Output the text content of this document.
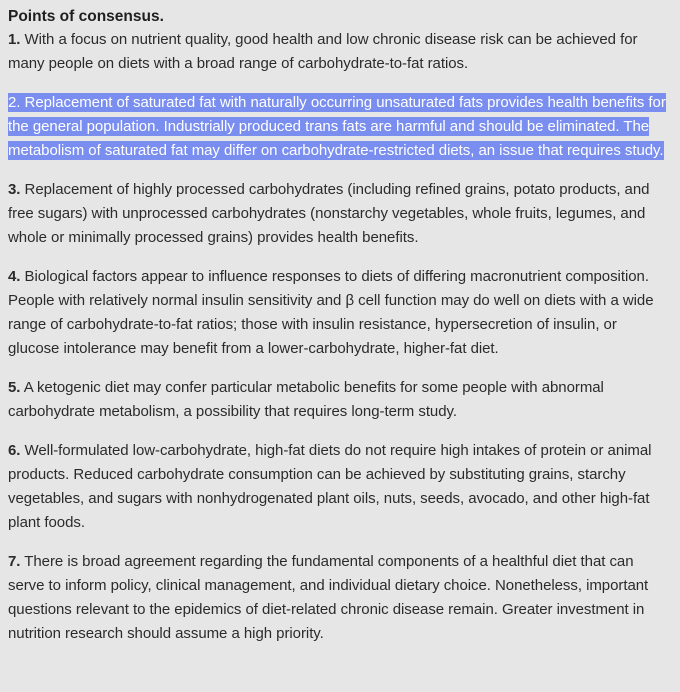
Points of consensus.

1. With a focus on nutrient quality, good health and low chronic disease risk can be achieved for many people on diets with a broad range of carbohydrate-to-fat ratios.

2. Replacement of saturated fat with naturally occurring unsaturated fats provides health benefits for the general population. Industrially produced trans fats are harmful and should be eliminated. The metabolism of saturated fat may differ on carbohydrate-restricted diets, an issue that requires study.

3. Replacement of highly processed carbohydrates (including refined grains, potato products, and free sugars) with unprocessed carbohydrates (nonstarchy vegetables, whole fruits, legumes, and whole or minimally processed grains) provides health benefits.

4. Biological factors appear to influence responses to diets of differing macronutrient composition. People with relatively normal insulin sensitivity and β cell function may do well on diets with a wide range of carbohydrate-to-fat ratios; those with insulin resistance, hypersecretion of insulin, or glucose intolerance may benefit from a lower-carbohydrate, higher-fat diet.

5. A ketogenic diet may confer particular metabolic benefits for some people with abnormal carbohydrate metabolism, a possibility that requires long-term study.

6. Well-formulated low-carbohydrate, high-fat diets do not require high intakes of protein or animal products. Reduced carbohydrate consumption can be achieved by substituting grains, starchy vegetables, and sugars with nonhydrogenated plant oils, nuts, seeds, avocado, and other high-fat plant foods.

7. There is broad agreement regarding the fundamental components of a healthful diet that can serve to inform policy, clinical management, and individual dietary choice. Nonetheless, important questions relevant to the epidemics of diet-related chronic disease remain. Greater investment in nutrition research should assume a high priority.
